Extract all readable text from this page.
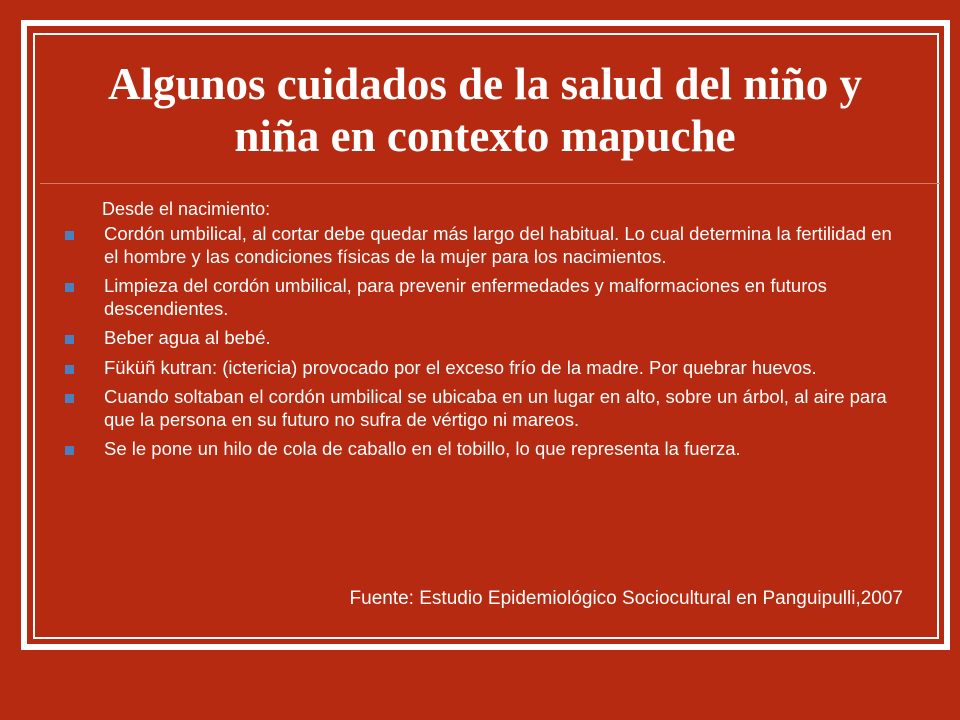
Algunos cuidados de la salud del niño y niña en contexto mapuche

Desde el nacimiento:

Cordón umbilical, al cortar debe quedar más largo del habitual. Lo cual determina la fertilidad en el hombre y las condiciones físicas de la mujer para los nacimientos.
Limpieza del cordón umbilical, para prevenir enfermedades y malformaciones en futuros descendientes.
Beber agua al bebé.
Füküñ kutran: (ictericia) provocado por el exceso frío de la madre. Por quebrar huevos.
Cuando soltaban el cordón umbilical se ubicaba en un lugar en alto, sobre un árbol, al aire para que la persona en su futuro no sufra de vértigo ni mareos.
Se le pone un hilo de cola de caballo en el tobillo, lo que representa la fuerza.

Fuente: Estudio Epidemiológico Sociocultural en Panguipulli,2007
